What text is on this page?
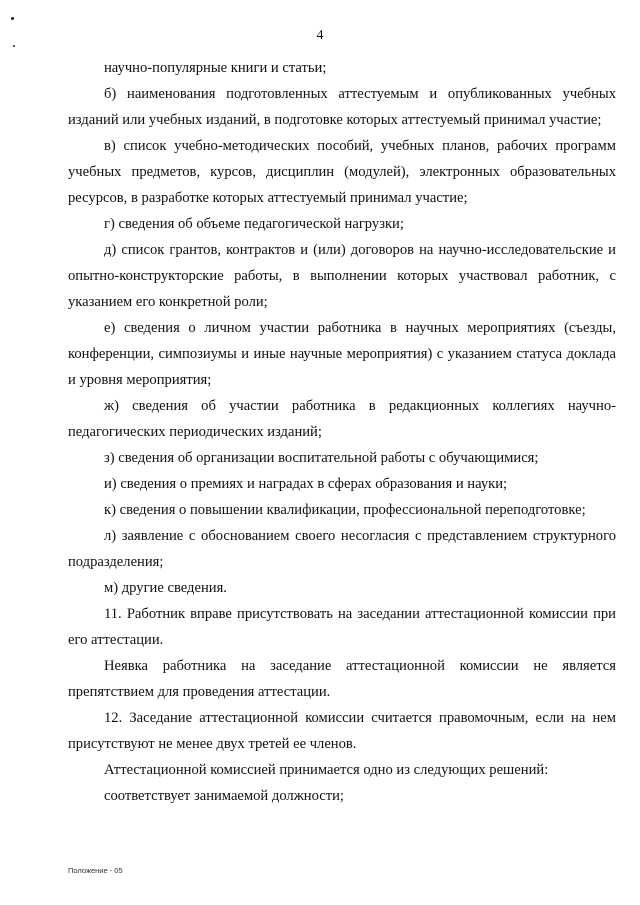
4

научно-популярные книги и статьи;

б) наименования подготовленных аттестуемым и опубликованных учебных изданий или учебных изданий, в подготовке которых аттестуемый принимал участие;

в) список учебно-методических пособий, учебных планов, рабочих программ учебных предметов, курсов, дисциплин (модулей), электронных образовательных ресурсов, в разработке которых аттестуемый принимал участие;

г) сведения об объеме педагогической нагрузки;

д) список грантов, контрактов и (или) договоров на научно-исследовательские и опытно-конструкторские работы, в выполнении которых участвовал работник, с указанием его конкретной роли;

е) сведения о личном участии работника в научных мероприятиях (съезды, конференции, симпозиумы и иные научные мероприятия) с указанием статуса доклада и уровня мероприятия;

ж) сведения об участии работника в редакционных коллегиях научно-педагогических периодических изданий;

з) сведения об организации воспитательной работы с обучающимися;

и) сведения о премиях и наградах в сферах образования и науки;

к) сведения о повышении квалификации, профессиональной переподготовке;

л) заявление с обоснованием своего несогласия с представлением структурного подразделения;

м) другие сведения.

11. Работник вправе присутствовать на заседании аттестационной комиссии при его аттестации.

Неявка работника на заседание аттестационной комиссии не является препятствием для проведения аттестации.

12. Заседание аттестационной комиссии считается правомочным, если на нем присутствуют не менее двух третей ее членов.

Аттестационной комиссией принимается одно из следующих решений:

соответствует занимаемой должности;

Положение - 05
